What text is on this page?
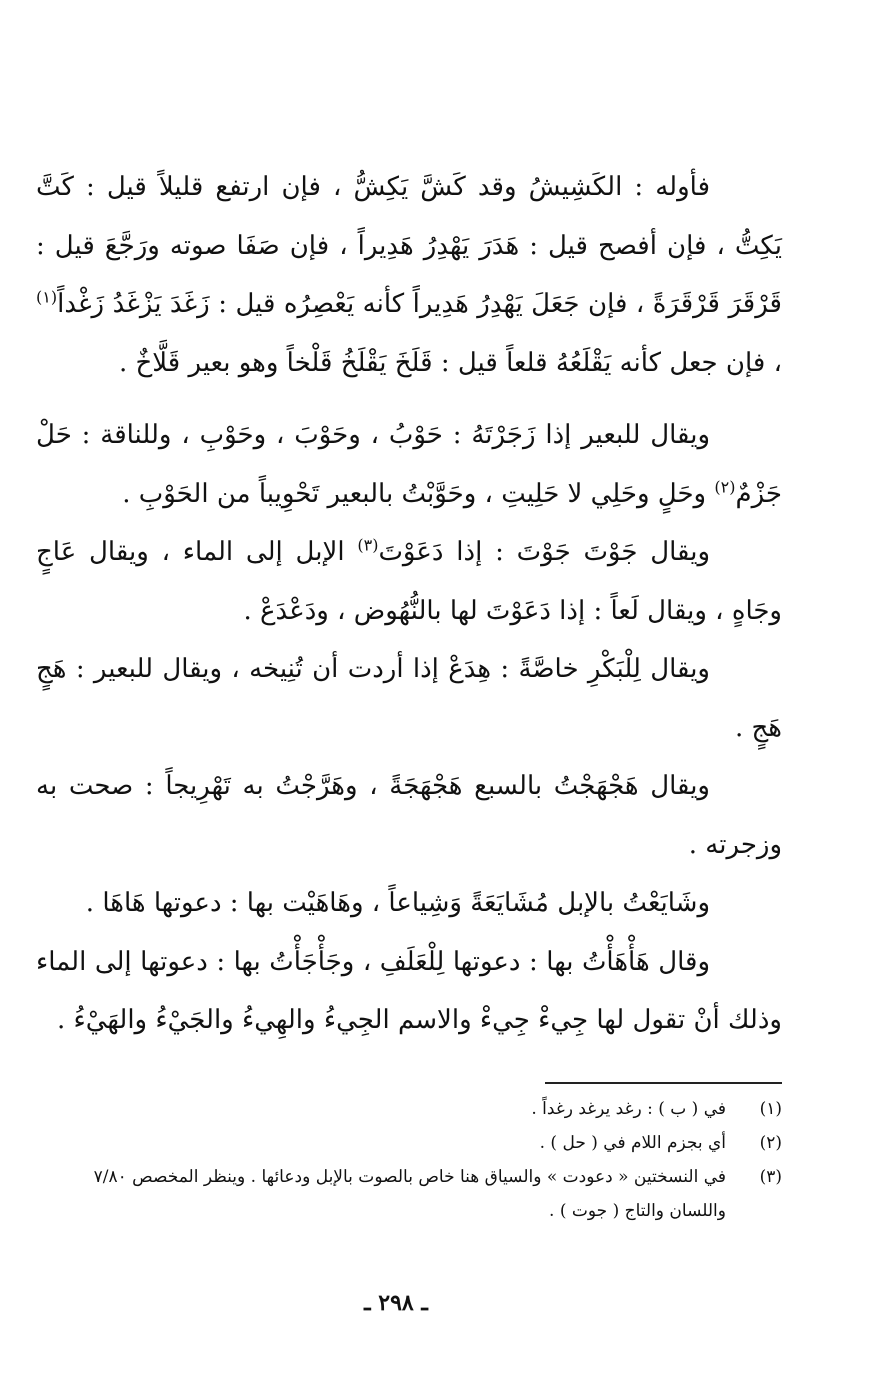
فأوله : الكَشِيشُ وقد كَشَّ يَكِشُّ ، فإن ارتفع قليلاً قيل : كَتَّ يَكِتُّ ، فإن أفصح قيل : هَدَرَ يَهْدِرُ هَدِيراً ، فإن صَفَا صوته ورَجَّعَ قيل : قَرْقَرَ قَرْقَرَةً ، فإن جَعَلَ يَهْدِرُ هَدِيراً كأنه يَعْصِرُه قيل : زَغَدَ يَزْغَدُ زَغْداً$^{(١)}$ ، فإن جعل كأنه يَقْلَعُهُ قلعاً قيل : قَلَخَ يَقْلَخُ قَلْخاً وهو بعير قَلَّاخٌ .

ويقال للبعير إذا زَجَرْتَهُ : حَوْبُ ، وحَوْبَ ، وحَوْبِ ، وللناقة : حَلْ جَزْمٌ$^{(٢)}$ وحَلٍ وحَلِي لا حَلِيتِ ، وحَوَّبْتُ بالبعير تَحْوِيباً من الحَوْبِ .

ويقال جَوْتَ جَوْتَ : إذا دَعَوْتَ$^{(٣)}$ الإبل إلى الماء ، ويقال عَاجٍ وجَاهٍ ، ويقال لَعاً : إذا دَعَوْتَ لها بالنُّهُوض ، ودَعْدَعْ .

ويقال لِلْبَكْرِ خاصَّةً : هِدَعْ إذا أردت أن تُنِيخه ، ويقال للبعير : هَجٍ هَجٍ .

ويقال هَجْهَجْتُ بالسبع هَجْهَجَةً ، وهَرَّجْتُ به تَهْرِيجاً : صحت به وزجرته .

وشَايَعْتُ بالإبل مُشَايَعَةً وَشِياعاً ، وهَاهَيْت بها : دعوتها هَاهَا .

وقال هَأْهَأْتُ بها : دعوتها لِلْعَلَفِ ، وجَأْجَأْتُ بها : دعوتها إلى الماء وذلك أنْ تقول لها جِيءْ جِيءْ والاسم الجِيءُ والهِيءُ والجَيْءُ والهَيْءُ .

(١)
في ( ب ) : رغد يرغد رغداً .
(٢)
أي بجزم اللام في ( حل ) .
(٣)
في النسختين « دعودت » والسياق هنا خاص بالصوت بالإبل ودعائها . وينظر المخصص ٧/٨٠ واللسان والتاج ( جوت ) .
ـ ٢٩٨ ـ
